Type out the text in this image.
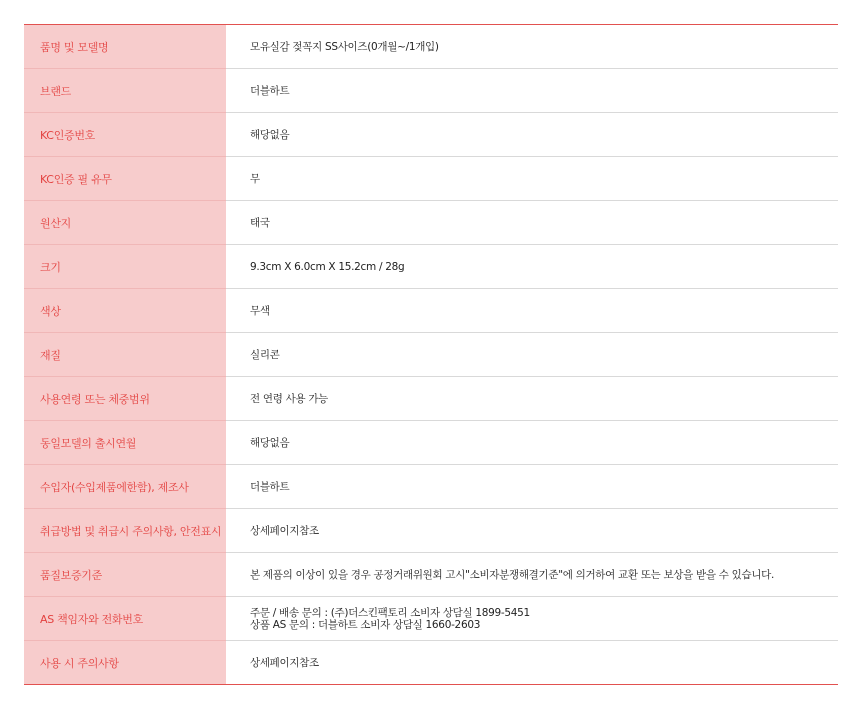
품명 및 모델명	모유실감 젖꼭지 SS사이즈(0개월~/1개입)
브랜드	더블하트
KC인증번호	해당없음
KC인증 필 유무	무
원산지	태국
크기	9.3cm X 6.0cm X 15.2cm / 28g
색상	무색
재질	실리콘
사용연령 또는 체중범위	전 연령 사용 가능
동일모델의 출시연월	해당없음
수입자(수입제품에한함), 제조사	더블하트
취급방법 및 취급시 주의사항, 안전표시	상세페이지참조
품질보증기준	본 제품의 이상이 있을 경우 공정거래위원회 고시"소비자분쟁해결기준"에 의거하여 교환 또는 보상을 받을 수 있습니다.
AS 책임자와 전화번호	주문 / 배송 문의 : (주)더스킨팩토리 소비자 상담실 1899-5451
상품 AS 문의 : 더블하트 소비자 상담실 1660-2603

사용 시 주의사항	상세페이지참조
